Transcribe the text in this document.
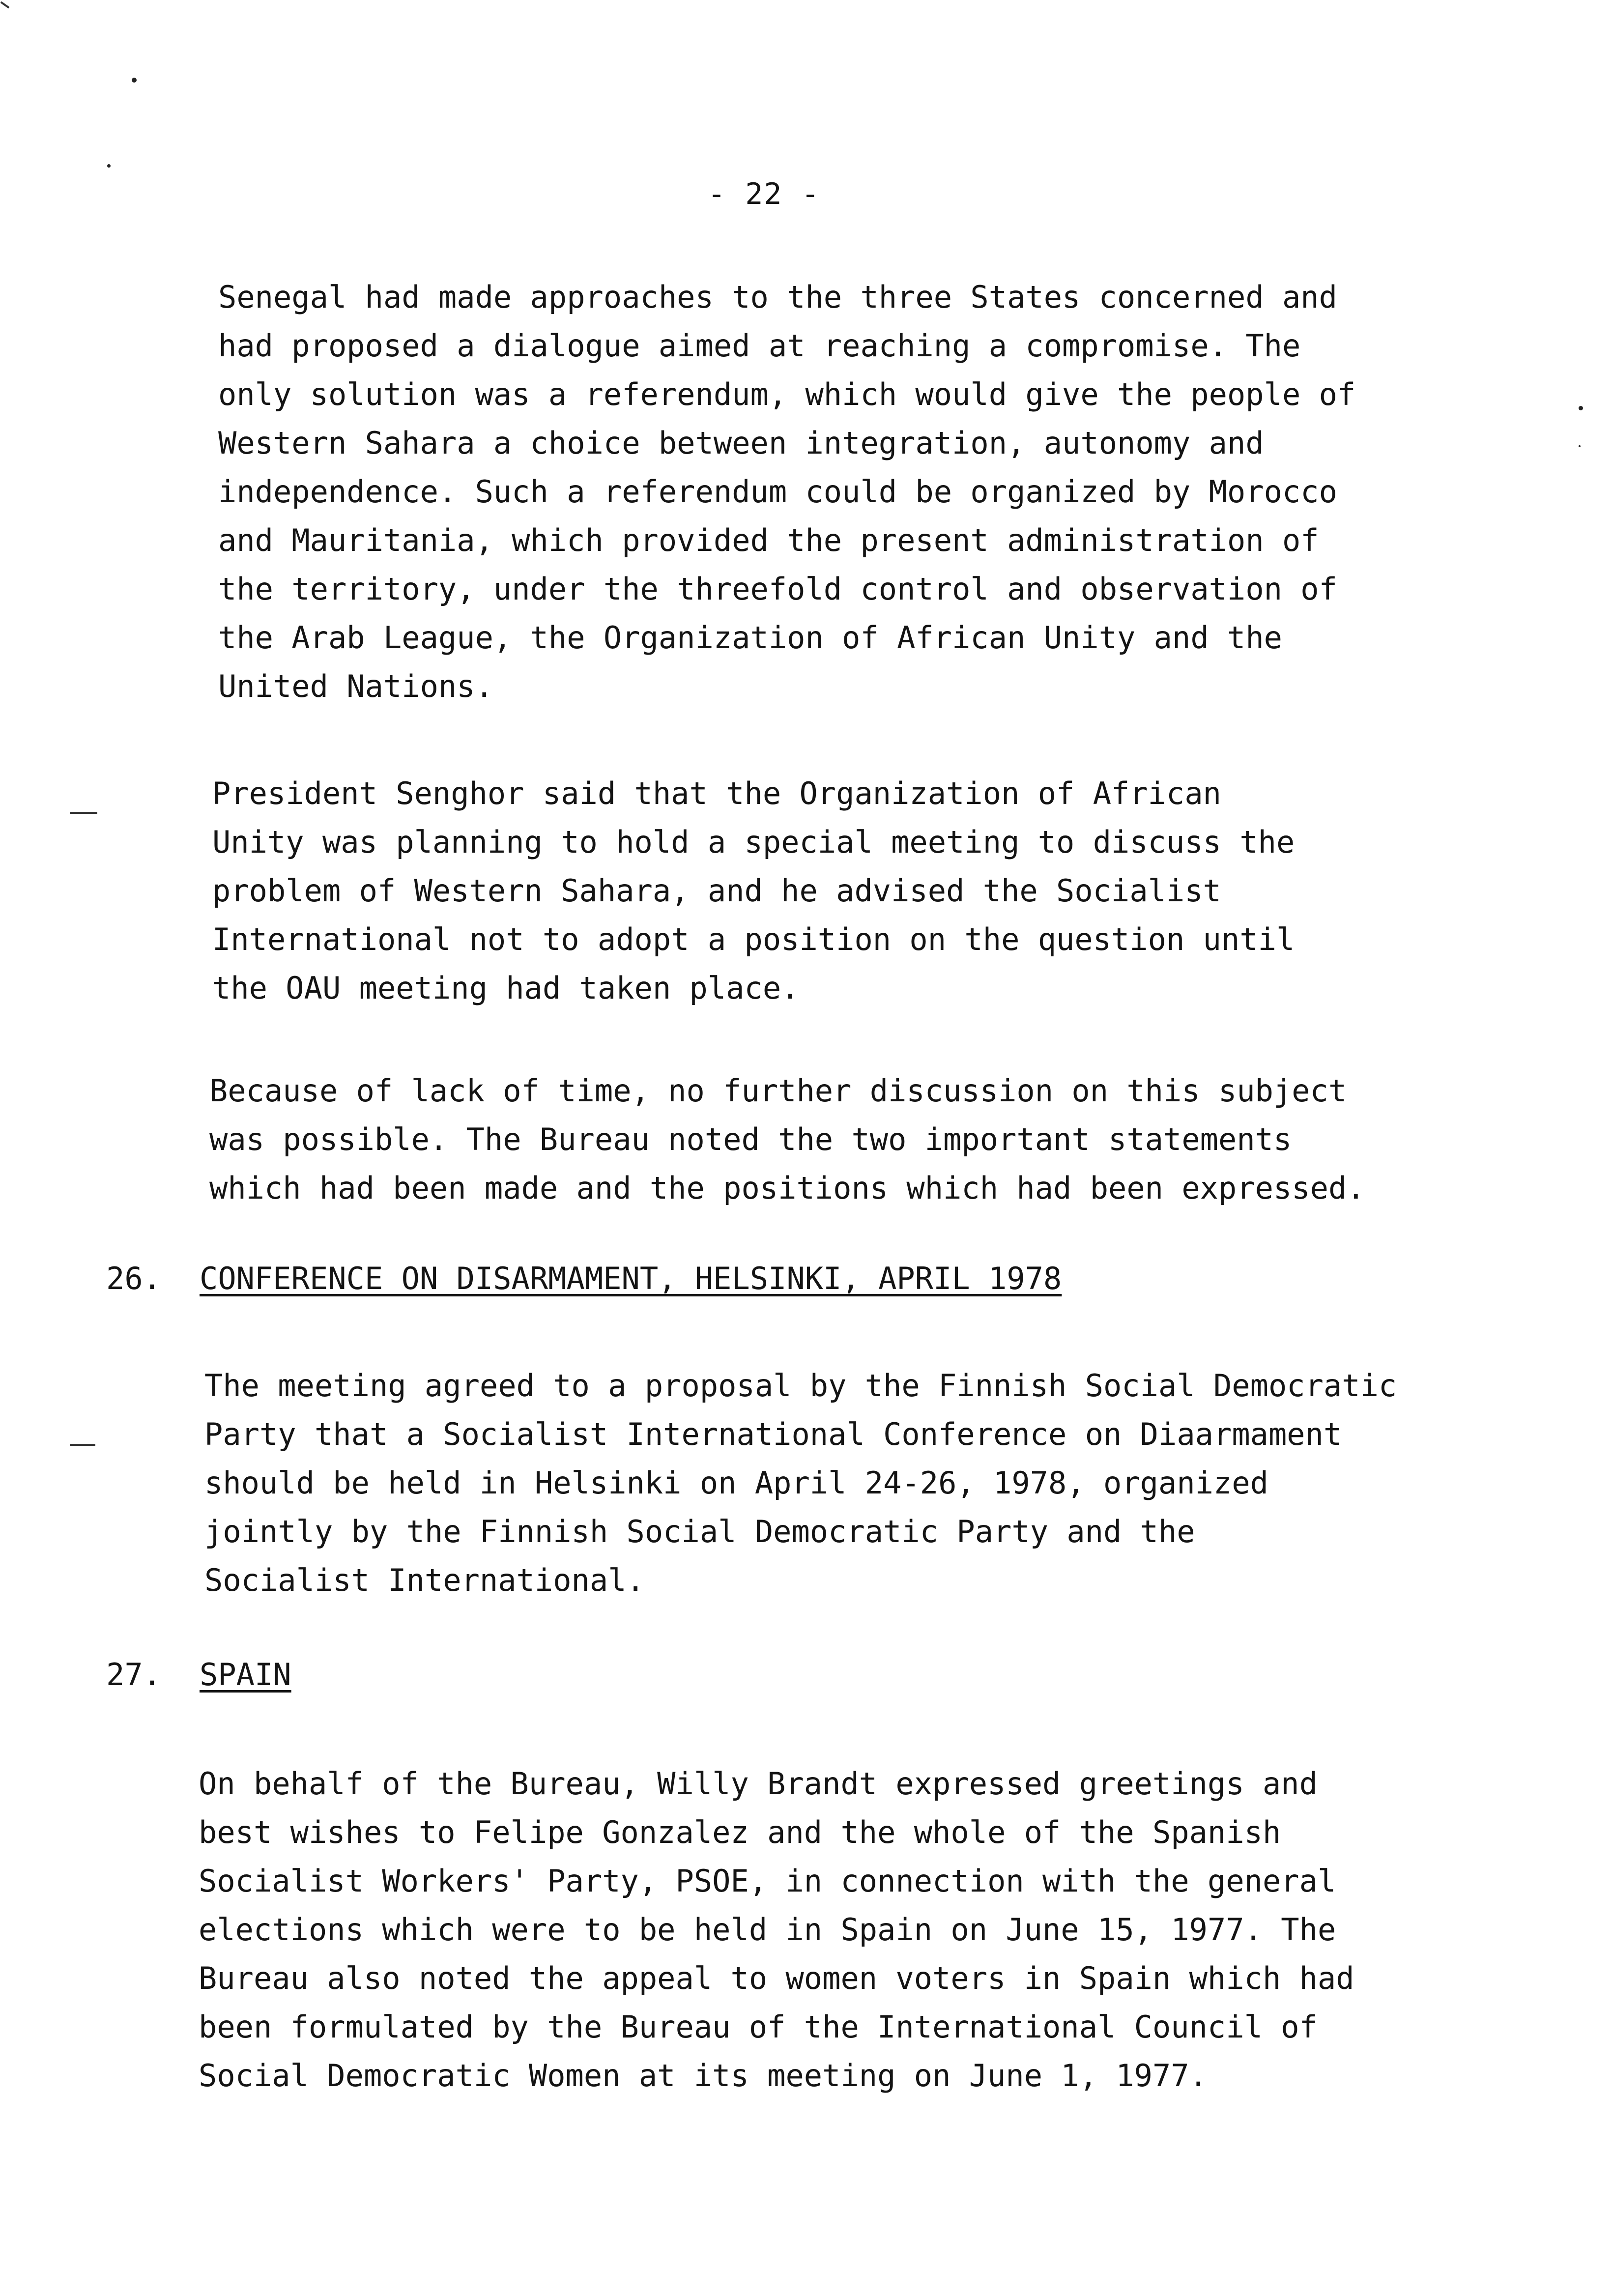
- 22 -
Senegal had made approaches to the three States concerned and
had proposed a dialogue aimed at reaching a compromise. The
only solution was a referendum, which would give the people of
Western Sahara a choice between integration, autonomy and
independence. Such a referendum could be organized by Morocco
and Mauritania, which provided the present administration of
the territory, under the threefold control and observation of
the Arab League, the Organization of African Unity and the
United Nations.
President Senghor said that the Organization of African
Unity was planning to hold a special meeting to discuss the
problem of Western Sahara, and he advised the Socialist
International not to adopt a position on the question until
the OAU meeting had taken place.
Because of lack of time, no further discussion on this subject
was possible. The Bureau noted the two important statements
which had been made and the positions which had been expressed.
26. CONFERENCE ON DISARMAMENT, HELSINKI, APRIL 1978
The meeting agreed to a proposal by the Finnish Social Democratic
Party that a Socialist International Conference on Diaarmament
should be held in Helsinki on April 24-26, 1978, organized
jointly by the Finnish Social Democratic Party and the
Socialist International.
27. SPAIN
On behalf of the Bureau, Willy Brandt expressed greetings and
best wishes to Felipe Gonzalez and the whole of the Spanish
Socialist Workers' Party, PSOE, in connection with the general
elections which were to be held in Spain on June 15, 1977. The
Bureau also noted the appeal to women voters in Spain which had
been formulated by the Bureau of the International Council of
Social Democratic Women at its meeting on June 1, 1977.
